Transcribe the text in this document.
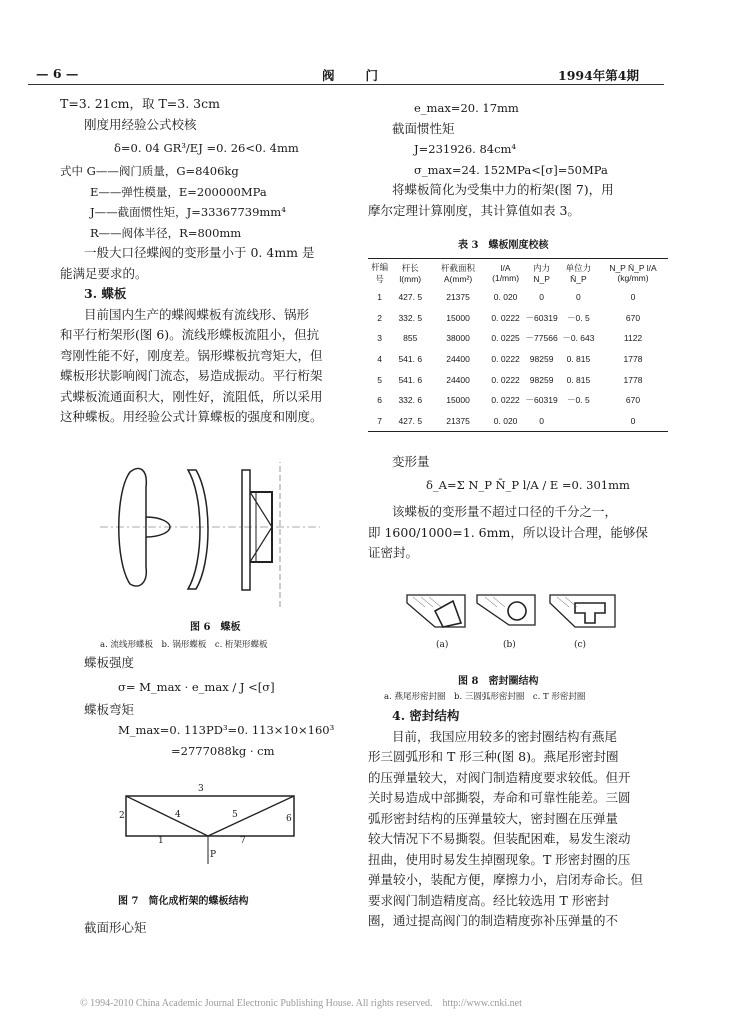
— 6 —	阀　　门	1994年第4期
T=3. 21cm，取 T=3. 3cm
刚度用经验公式校核
δ=0. 04 GR³/EJ =0. 26<0. 4mm
式中 G——阀门质量，G=8406kg
E——弹性模量，E=200000MPa
J——截面惯性矩，J=33367739mm⁴
R——阀体半径，R=800mm
一般大口径蝶阀的变形量小于 0. 4mm 是
能满足要求的。
3. 蝶板
目前国内生产的蝶阀蝶板有流线形、锅形
和平行桁架形(图 6)。流线形蝶板流阻小，但抗
弯刚性能不好，刚度差。锅形蝶板抗弯矩大，但
蝶板形状影响阀门流态，易造成振动。平行桁架
式蝶板流通面积大，刚性好，流阻低，所以采用
这种蝶板。用经验公式计算蝶板的强度和刚度。
图 6　蝶板
a. 流线形蝶板　b. 锅形蝶板　c. 桁架形蝶板
蝶板强度
σ= M_max · e_max / J <[σ]
蝶板弯矩
M_max=0. 113PD³=0. 113×10×160³
=2777088kg · cm
3
2	4	5	6
1	7
P
图 7　简化成桁架的蝶板结构
截面形心矩
e_max=20. 17mm
截面惯性矩
J=231926. 84cm⁴
σ_max=24. 152MPa<[σ]=50MPa
将蝶板简化为受集中力的桁架(图 7)，用
摩尔定理计算刚度，其计算值如表 3。
表 3　蝶板刚度校核
杆编号	杆长 l(mm)	杆截面积 A(mm²)	l/A (1/mm)	内力 N_P	单位力 N̄_P	N_P N̄_P l/A (kg/mm)
1	427. 5	21375	0. 020	0	0	0
2	332. 5	15000	0. 0222	－60319	－0. 5	670
3	855	38000	0. 0225	－77566	－0. 643	1122
4	541. 6	24400	0. 0222	98259	0. 815	1778
5	541. 6	24400	0. 0222	98259	0. 815	1778
6	332. 6	15000	0. 0222	－60319	－0. 5	670
7	427. 5	21375	0. 020	0		0
变形量
δ_A=Σ N_P N̄_P l/A / E =0. 301mm
该蝶板的变形量不超过口径的千分之一，
即 1600/1000=1. 6mm，所以设计合理，能够保
证密封。
(a)	(b)	(c)
图 8　密封圈结构
a. 燕尾形密封圈　b. 三圆弧形密封圈　c. T 形密封圈
4. 密封结构
目前，我国应用较多的密封圈结构有燕尾
形三圆弧形和 T 形三种(图 8)。燕尾形密封圈
的压弹量较大，对阀门制造精度要求较低。但开
关时易造成中部撕裂，寿命和可靠性能差。三圆
弧形密封结构的压弹量较大，密封圈在压弹量
较大情况下不易撕裂。但装配困难，易发生滚动
扭曲，使用时易发生掉圈现象。T 形密封圈的压
弹量较小，装配方便，摩擦力小，启闭寿命长。但
要求阀门制造精度高。经比较选用 T 形密封
圈，通过提高阀门的制造精度弥补压弹量的不
© 1994-2010 China Academic Journal Electronic Publishing House. All rights reserved.　http://www.cnki.net
